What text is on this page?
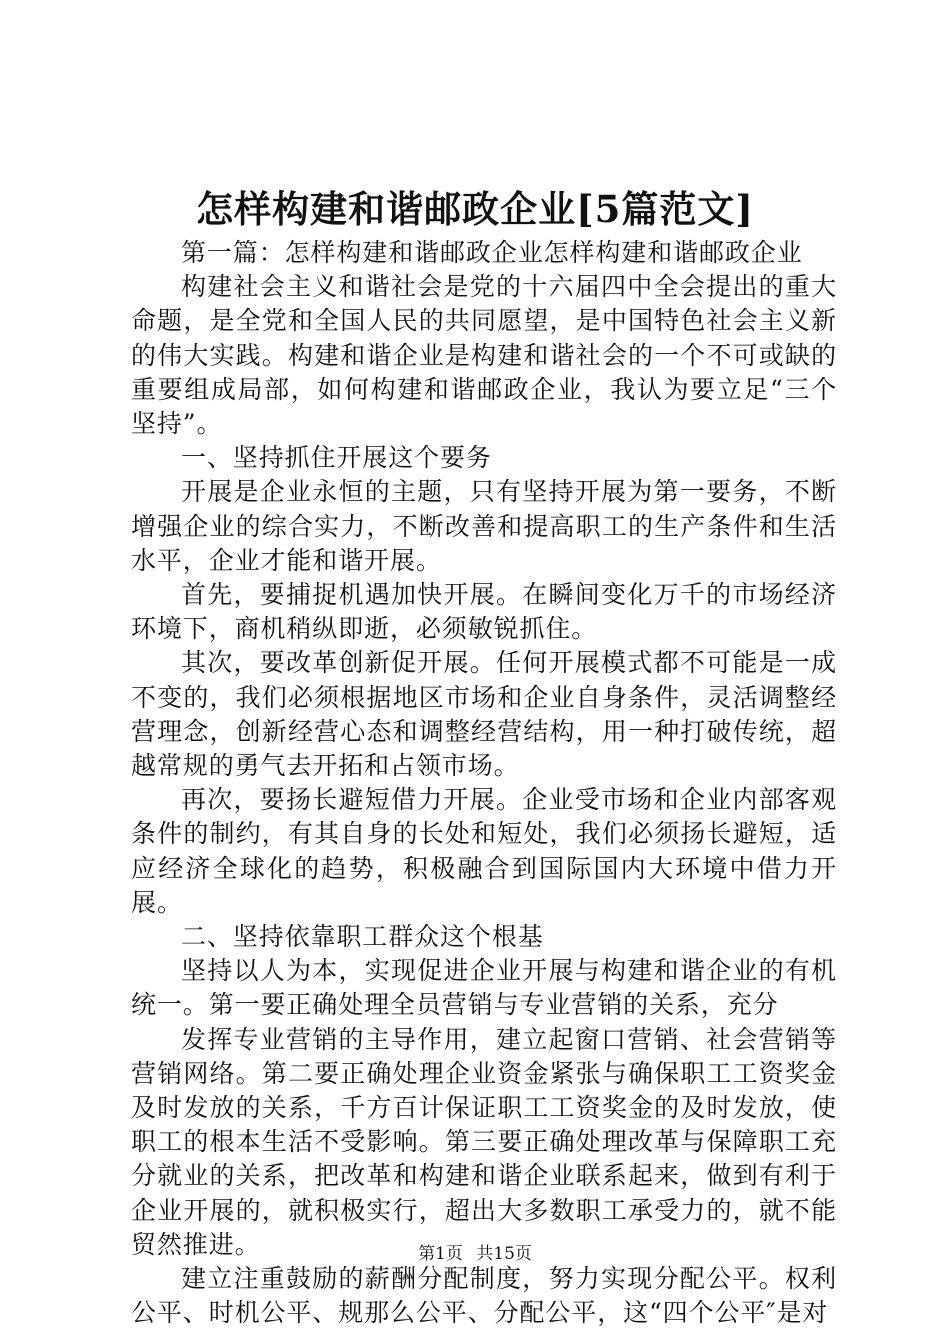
怎样构建和谐邮政企业[5篇范文]

第一篇：怎样构建和谐邮政企业怎样构建和谐邮政企业

构建社会主义和谐社会是党的十六届四中全会提出的重大命题，是全党和全国人民的共同愿望，是中国特色社会主义新的伟大实践。构建和谐企业是构建和谐社会的一个不可或缺的重要组成局部，如何构建和谐邮政企业，我认为要立足“三个坚持”。

一、坚持抓住开展这个要务

开展是企业永恒的主题，只有坚持开展为第一要务，不断增强企业的综合实力，不断改善和提高职工的生产条件和生活水平，企业才能和谐开展。

首先，要捕捉机遇加快开展。在瞬间变化万千的市场经济环境下，商机稍纵即逝，必须敏锐抓住。

其次，要改革创新促开展。任何开展模式都不可能是一成不变的，我们必须根据地区市场和企业自身条件，灵活调整经营理念，创新经营心态和调整经营结构，用一种打破传统，超越常规的勇气去开拓和占领市场。

再次，要扬长避短借力开展。企业受市场和企业内部客观条件的制约，有其自身的长处和短处，我们必须扬长避短，适应经济全球化的趋势，积极融合到国际国内大环境中借力开展。

二、坚持依靠职工群众这个根基

坚持以人为本，实现促进企业开展与构建和谐企业的有机统一。第一要正确处理全员营销与专业营销的关系，充分

发挥专业营销的主导作用，建立起窗口营销、社会营销等营销网络。第二要正确处理企业资金紧张与确保职工工资奖金及时发放的关系，千方百计保证职工工资奖金的及时发放，使职工的根本生活不受影响。第三要正确处理改革与保障职工充分就业的关系，把改革和构建和谐企业联系起来，做到有利于企业开展的，就积极实行，超出大多数职工承受力的，就不能贸然推进。

建立注重鼓励的薪酬分配制度，努力实现分配公平。权利公平、时机公平、规那么公平、分配公平，这“四个公平″是对

第1页 共15页
